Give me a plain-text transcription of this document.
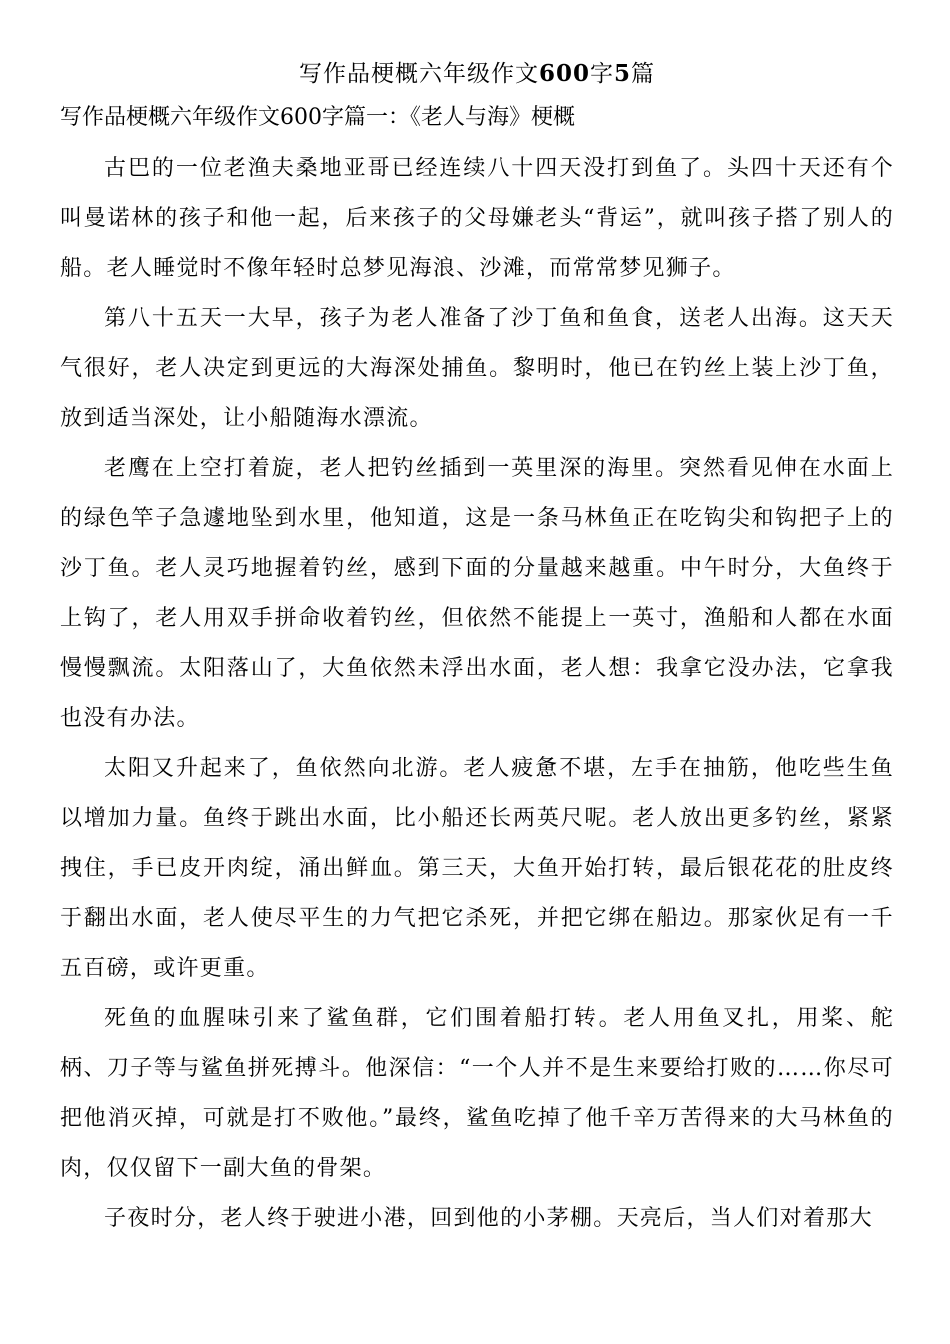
写作品梗概六年级作文600字5篇

写作品梗概六年级作文600字篇一：《老人与海》梗概

古巴的一位老渔夫桑地亚哥已经连续八十四天没打到鱼了。头四十天还有个叫曼诺林的孩子和他一起，后来孩子的父母嫌老头“背运”，就叫孩子搭了别人的船。老人睡觉时不像年轻时总梦见海浪、沙滩，而常常梦见狮子。

第八十五天一大早，孩子为老人准备了沙丁鱼和鱼食，送老人出海。这天天气很好，老人决定到更远的大海深处捕鱼。黎明时，他已在钓丝上装上沙丁鱼，放到适当深处，让小船随海水漂流。

老鹰在上空打着旋，老人把钓丝插到一英里深的海里。突然看见伸在水面上的绿色竿子急遽地坠到水里，他知道，这是一条马林鱼正在吃钩尖和钩把子上的沙丁鱼。老人灵巧地握着钓丝，感到下面的分量越来越重。中午时分，大鱼终于上钩了，老人用双手拼命收着钓丝，但依然不能提上一英寸，渔船和人都在水面慢慢飘流。太阳落山了，大鱼依然未浮出水面，老人想：我拿它没办法，它拿我也没有办法。

太阳又升起来了，鱼依然向北游。老人疲惫不堪，左手在抽筋，他吃些生鱼以增加力量。鱼终于跳出水面，比小船还长两英尺呢。老人放出更多钓丝，紧紧拽住，手已皮开肉绽，涌出鲜血。第三天，大鱼开始打转，最后银花花的肚皮终于翻出水面，老人使尽平生的力气把它杀死，并把它绑在船边。那家伙足有一千五百磅，或许更重。

死鱼的血腥味引来了鲨鱼群，它们围着船打转。老人用鱼叉扎，用桨、舵柄、刀子等与鲨鱼拼死搏斗。他深信：“一个人并不是生来要给打败的……你尽可把他消灭掉，可就是打不败他。”最终，鲨鱼吃掉了他千辛万苦得来的大马林鱼的肉，仅仅留下一副大鱼的骨架。

子夜时分，老人终于驶进小港，回到他的小茅棚。天亮后，当人们对着那大
